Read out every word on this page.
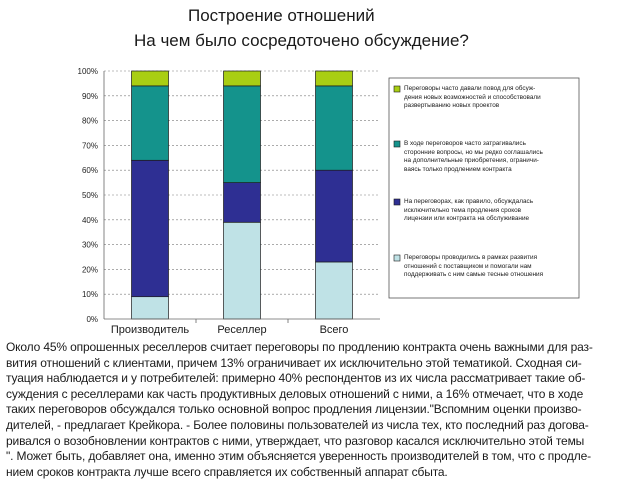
Построение отношений
На чем было сосредоточено обсуждение?
0%
10%
20%
30%
40%
50%
60%
70%
80%
90%
100%
Производитель	Реселлер	Всего
Переговоры часто давали повод для обсуж-
дения новых возможностей и способствовали
развертыванию новых проектов
В ходе переговоров часто затрагивались
сторонние вопросы, но мы редко соглашались
на дополнительные приобретения, ограничи-
ваясь только продлением контракта
На переговорах, как правило, обсуждалась
исключительно тема продления сроков
лицензии или контракта на обслуживание
Переговоры проводились в рамках развития
отношений с поставщиком и помогали нам
поддерживать с ним самые тесные отношения
Около 45% опрошенных реселлеров считает переговоры по продлению контракта очень важными для раз-
вития отношений с клиентами, причем 13% ограничивает их исключительно этой тематикой. Сходная си-
туация наблюдается и у потребителей: примерно 40% респондентов из их числа рассматривает такие об-
суждения с реселлерами как часть продуктивных деловых отношений с ними, а 16% отмечает, что в ходе
таких переговоров обсуждался только основной вопрос продления лицензии."Вспомним оценки произво-
дителей, - предлагает Крейкора. - Более половины пользователей из числа тех, кто последний раз догова-
ривался о возобновлении контрактов с ними, утверждает, что разговор касался исключительно этой темы
". Может быть, добавляет она, именно этим объясняется уверенность производителей в том, что с продле-
нием сроков контракта лучше всего справляется их собственный аппарат сбыта.
